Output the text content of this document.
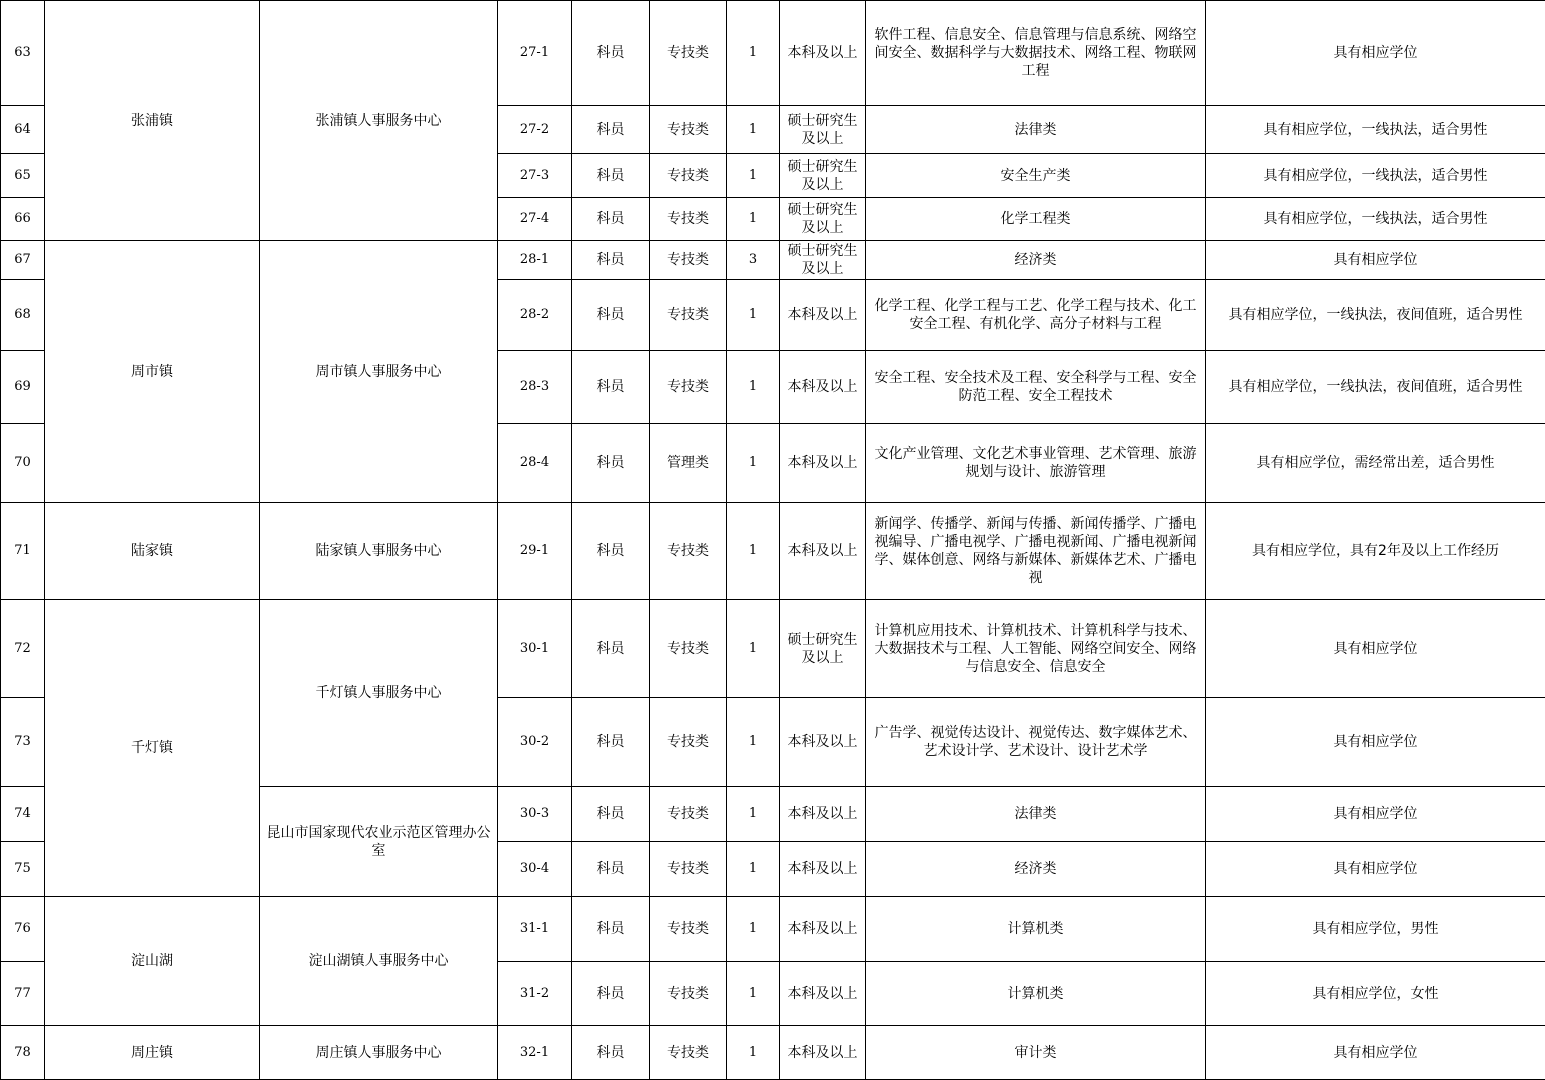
63	张浦镇	张浦镇人事服务中心	27-1	科员	专技类	1	本科及以上	软件工程、信息安全、信息管理与信息系统、网络空间安全、数据科学与大数据技术、网络工程、物联网工程	具有相应学位
64			27-2	科员	专技类	1	硕士研究生及以上	法律类	具有相应学位，一线执法，适合男性
65			27-3	科员	专技类	1	硕士研究生及以上	安全生产类	具有相应学位，一线执法，适合男性
66			27-4	科员	专技类	1	硕士研究生及以上	化学工程类	具有相应学位，一线执法，适合男性
67	周市镇	周市镇人事服务中心	28-1	科员	专技类	3	硕士研究生及以上	经济类	具有相应学位
68			28-2	科员	专技类	1	本科及以上	化学工程、化学工程与工艺、化学工程与技术、化工安全工程、有机化学、高分子材料与工程	具有相应学位，一线执法，夜间值班，适合男性
69			28-3	科员	专技类	1	本科及以上	安全工程、安全技术及工程、安全科学与工程、安全防范工程、安全工程技术	具有相应学位，一线执法，夜间值班，适合男性
70			28-4	科员	管理类	1	本科及以上	文化产业管理、文化艺术事业管理、艺术管理、旅游规划与设计、旅游管理	具有相应学位，需经常出差，适合男性
71	陆家镇	陆家镇人事服务中心	29-1	科员	专技类	1	本科及以上	新闻学、传播学、新闻与传播、新闻传播学、广播电视编导、广播电视学、广播电视新闻、广播电视新闻学、媒体创意、网络与新媒体、新媒体艺术、广播电视	具有相应学位，具有2年及以上工作经历
72	千灯镇	千灯镇人事服务中心	30-1	科员	专技类	1	硕士研究生及以上	计算机应用技术、计算机技术、计算机科学与技术、大数据技术与工程、人工智能、网络空间安全、网络与信息安全、信息安全	具有相应学位
73			30-2	科员	专技类	1	本科及以上	广告学、视觉传达设计、视觉传达、数字媒体艺术、艺术设计学、艺术设计、设计艺术学	具有相应学位
74		昆山市国家现代农业示范区管理办公室	30-3	科员	专技类	1	本科及以上	法律类	具有相应学位
75			30-4	科员	专技类	1	本科及以上	经济类	具有相应学位
76	淀山湖	淀山湖镇人事服务中心	31-1	科员	专技类	1	本科及以上	计算机类	具有相应学位，男性
77			31-2	科员	专技类	1	本科及以上	计算机类	具有相应学位，女性
78	周庄镇	周庄镇人事服务中心	32-1	科员	专技类	1	本科及以上	审计类	具有相应学位
